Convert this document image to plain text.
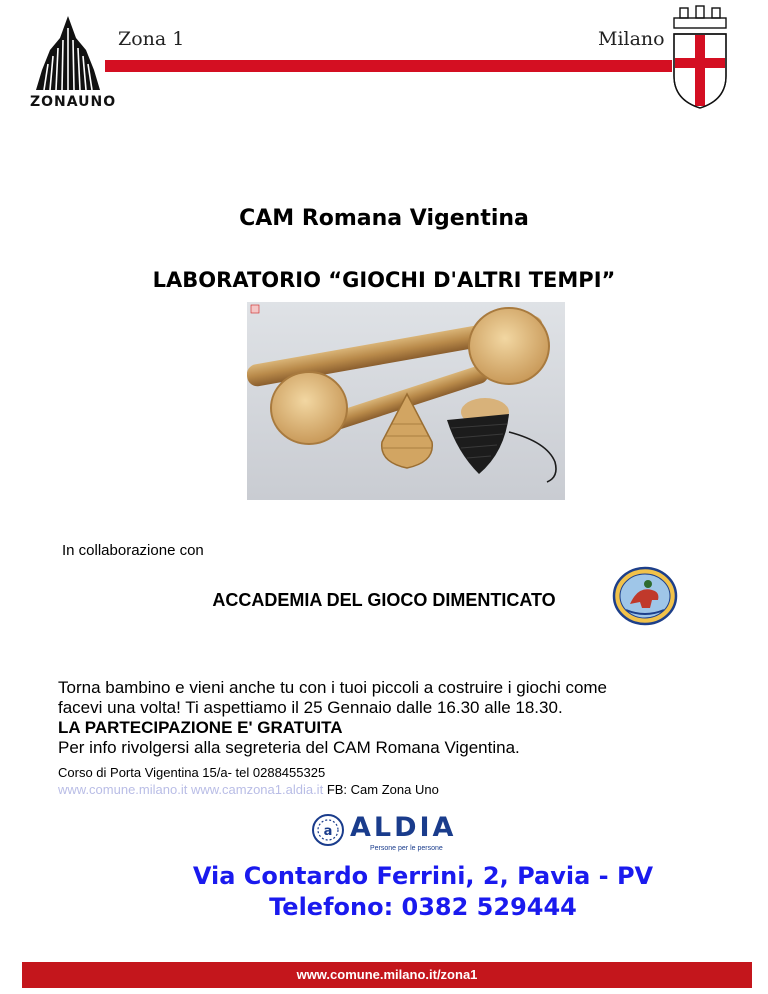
ZONAUNO
Zona 1	Milano
CAM Romana Vigentina
LABORATORIO “GIOCHI D'ALTRI TEMPI”
In collaborazione con
ACCADEMIA DEL GIOCO DIMENTICATO
Torna bambino e vieni anche tu con i tuoi piccoli a costruire i giochi come
facevi una volta! Ti aspettiamo il 25 Gennaio dalle 16.30 alle 18.30.
LA PARTECIPAZIONE E' GRATUITA
Per info rivolgersi alla segreteria del CAM Romana Vigentina.
Corso di Porta Vigentina 15/a- tel 0288455325
www.comune.milano.it www.camzona1.aldia.it FB: Cam Zona Uno
a ALDIA
Persone per le persone
Via Contardo Ferrini, 2, Pavia - PV
Telefono: 0382 529444
www.comune.milano.it/zona1
